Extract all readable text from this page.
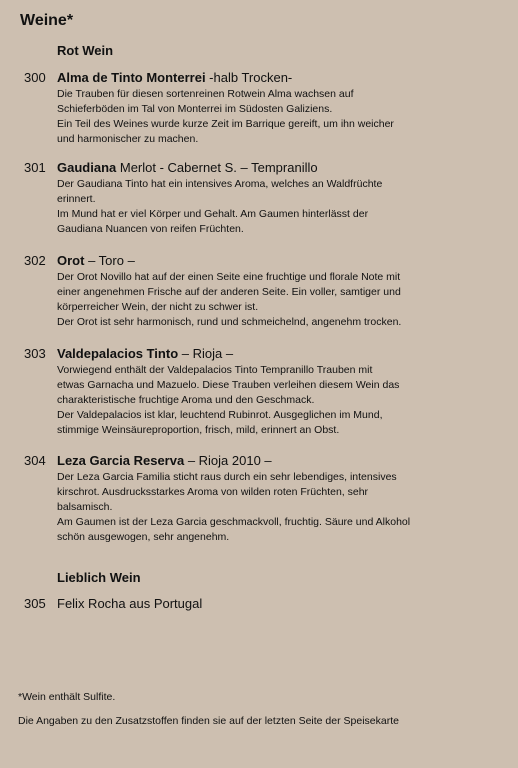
Weine*
Rot Wein
300 Alma de Tinto Monterrei -halb Trocken-
Die Trauben für diesen sortenreinen Rotwein Alma wachsen auf
Schieferböden im Tal von Monterrei im Südosten Galiziens.
Ein Teil des Weines wurde kurze Zeit im Barrique gereift, um ihn weicher
und harmonischer zu machen.
301 Gaudiana Merlot - Cabernet S. – Tempranillo
Der Gaudiana Tinto hat ein intensives Aroma, welches an Waldfrüchte
erinnert.
Im Mund hat er viel Körper und Gehalt. Am Gaumen hinterlässt der
Gaudiana Nuancen von reifen Früchten.
302 Orot – Toro –
Der Orot Novillo hat auf der einen Seite eine fruchtige und florale Note mit
einer angenehmen Frische auf der anderen Seite. Ein voller, samtiger und
körperreicher Wein, der nicht zu schwer ist.
Der Orot ist sehr harmonisch, rund und schmeichelnd, angenehm trocken.
303 Valdepalacios Tinto – Rioja –
Vorwiegend enthält der Valdepalacios Tinto Tempranillo Trauben mit
etwas Garnacha und Mazuelo. Diese Trauben verleihen diesem Wein das
charakteristische fruchtige Aroma und den Geschmack.
Der Valdepalacios ist klar, leuchtend Rubinrot. Ausgeglichen im Mund,
stimmige Weinsäureproportion, frisch, mild, erinnert an Obst.
304 Leza Garcia Reserva – Rioja 2010 –
Der Leza Garcia Familia sticht raus durch ein sehr lebendiges, intensives
kirschrot. Ausdrucksstarkes Aroma von wilden roten Früchten, sehr
balsamisch.
Am Gaumen ist der Leza Garcia geschmackvoll, fruchtig. Säure und Alkohol
schön ausgewogen, sehr angenehm.
Lieblich Wein
305 Felix Rocha aus Portugal
*Wein enthält Sulfite.
Die Angaben zu den Zusatzstoffen finden sie auf der letzten Seite der Speisekarte
